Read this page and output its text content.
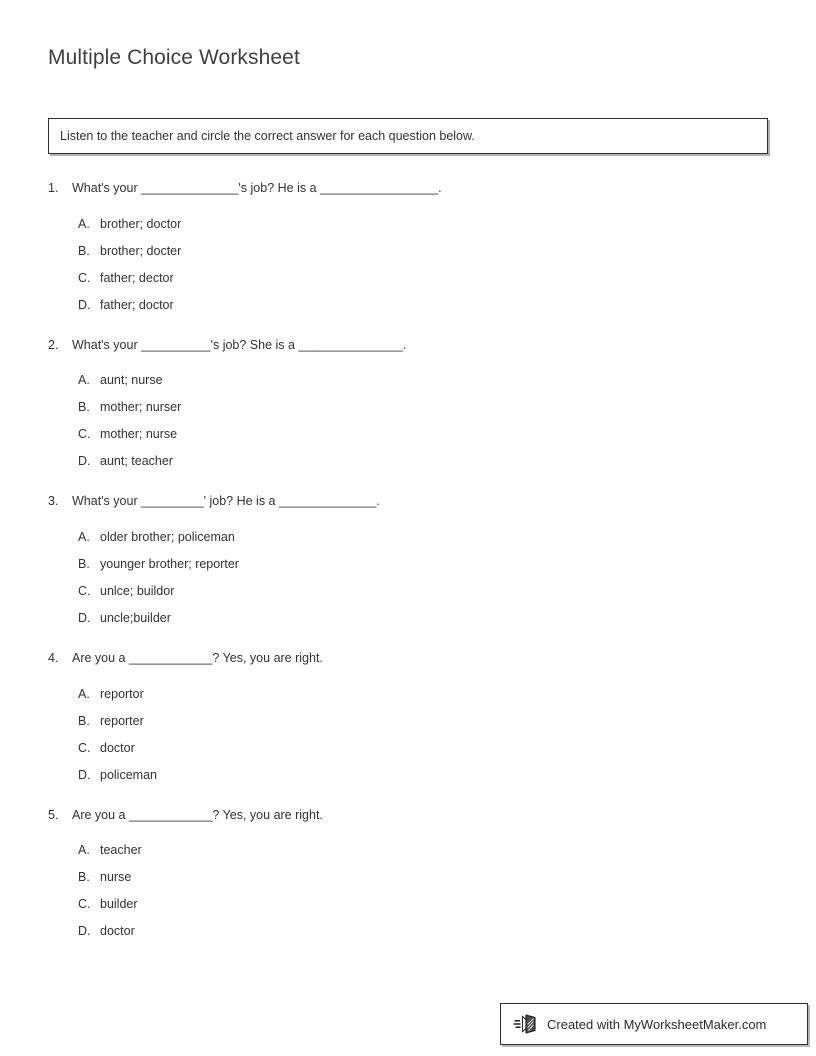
Multiple Choice Worksheet
Listen to the teacher and circle the correct answer for each question below.
1.	What's your ______________'s job? He is a _________________.
A. brother; doctor
B. brother; docter
C. father; dector
D. father; doctor
2.	What's your __________'s job? She is a _______________.
A. aunt; nurse
B. mother; nurser
C. mother; nurse
D. aunt; teacher
3.	What's your _________' job? He is a ______________.
A. older brother; policeman
B. younger brother; reporter
C. unlce; buildor
D. uncle;builder
4.	Are you a ____________? Yes, you are right.
A. reportor
B. reporter
C. doctor
D. policeman
5.	Are you a ____________? Yes, you are right.
A. teacher
B. nurse
C. builder
D. doctor
Created with MyWorksheetMaker.com
